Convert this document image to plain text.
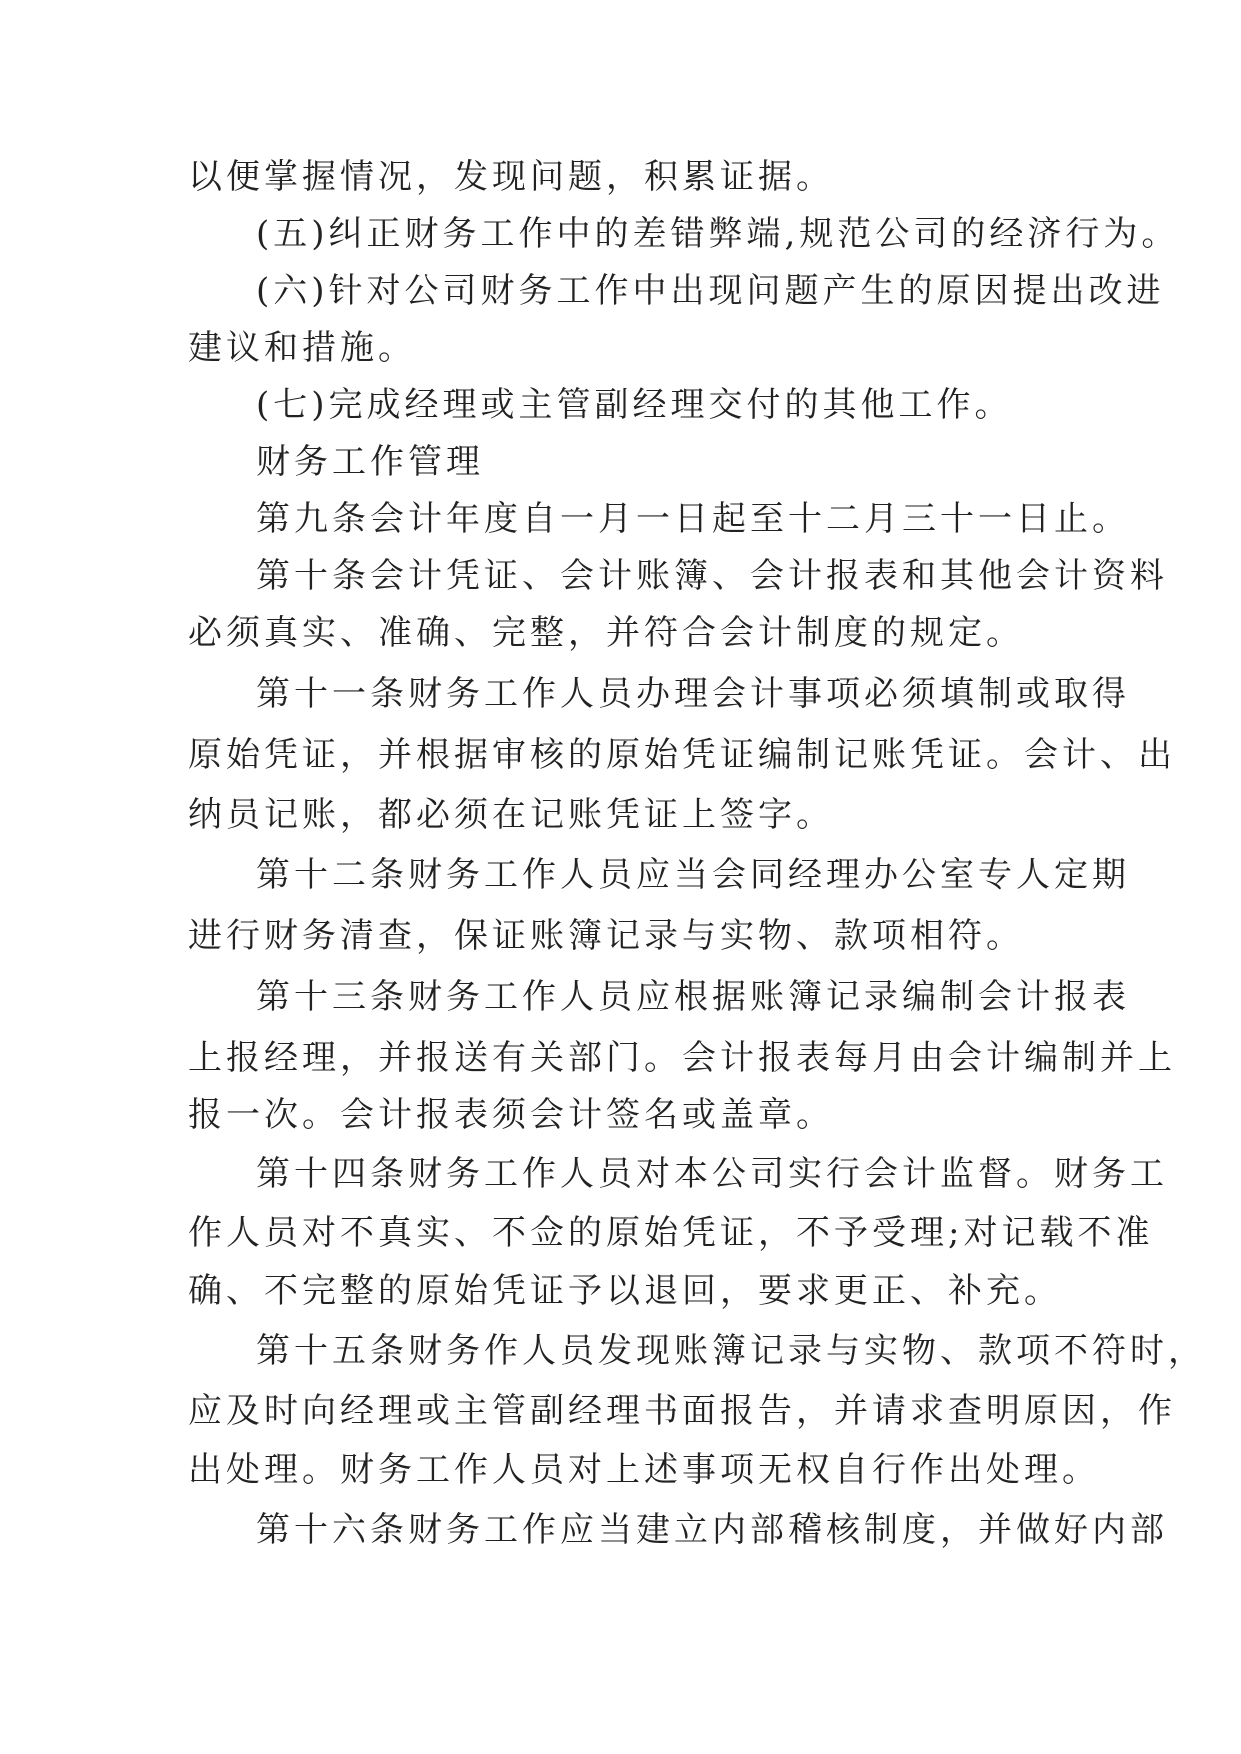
以便掌握情况，发现问题，积累证据。

(五)纠正财务工作中的差错弊端,规范公司的经济行为。

(六)针对公司财务工作中出现问题产生的原因提出改进

建议和措施。

(七)完成经理或主管副经理交付的其他工作。

财务工作管理

第九条会计年度自一月一日起至十二月三十一日止。

第十条会计凭证、会计账簿、会计报表和其他会计资料

必须真实、准确、完整，并符合会计制度的规定。

第十一条财务工作人员办理会计事项必须填制或取得

原始凭证，并根据审核的原始凭证编制记账凭证。会计、出

纳员记账，都必须在记账凭证上签字。

第十二条财务工作人员应当会同经理办公室专人定期

进行财务清查，保证账簿记录与实物、款项相符。

第十三条财务工作人员应根据账簿记录编制会计报表

上报经理，并报送有关部门。会计报表每月由会计编制并上

报一次。会计报表须会计签名或盖章。

第十四条财务工作人员对本公司实行会计监督。财务工

作人员对不真实、不佥的原始凭证，不予受理;对记载不准

确、不完整的原始凭证予以退回，要求更正、补充。

第十五条财务作人员发现账簿记录与实物、款项不符时，

应及时向经理或主管副经理书面报告，并请求查明原因，作

出处理。财务工作人员对上述事项无权自行作出处理。

第十六条财务工作应当建立内部稽核制度，并做好内部
